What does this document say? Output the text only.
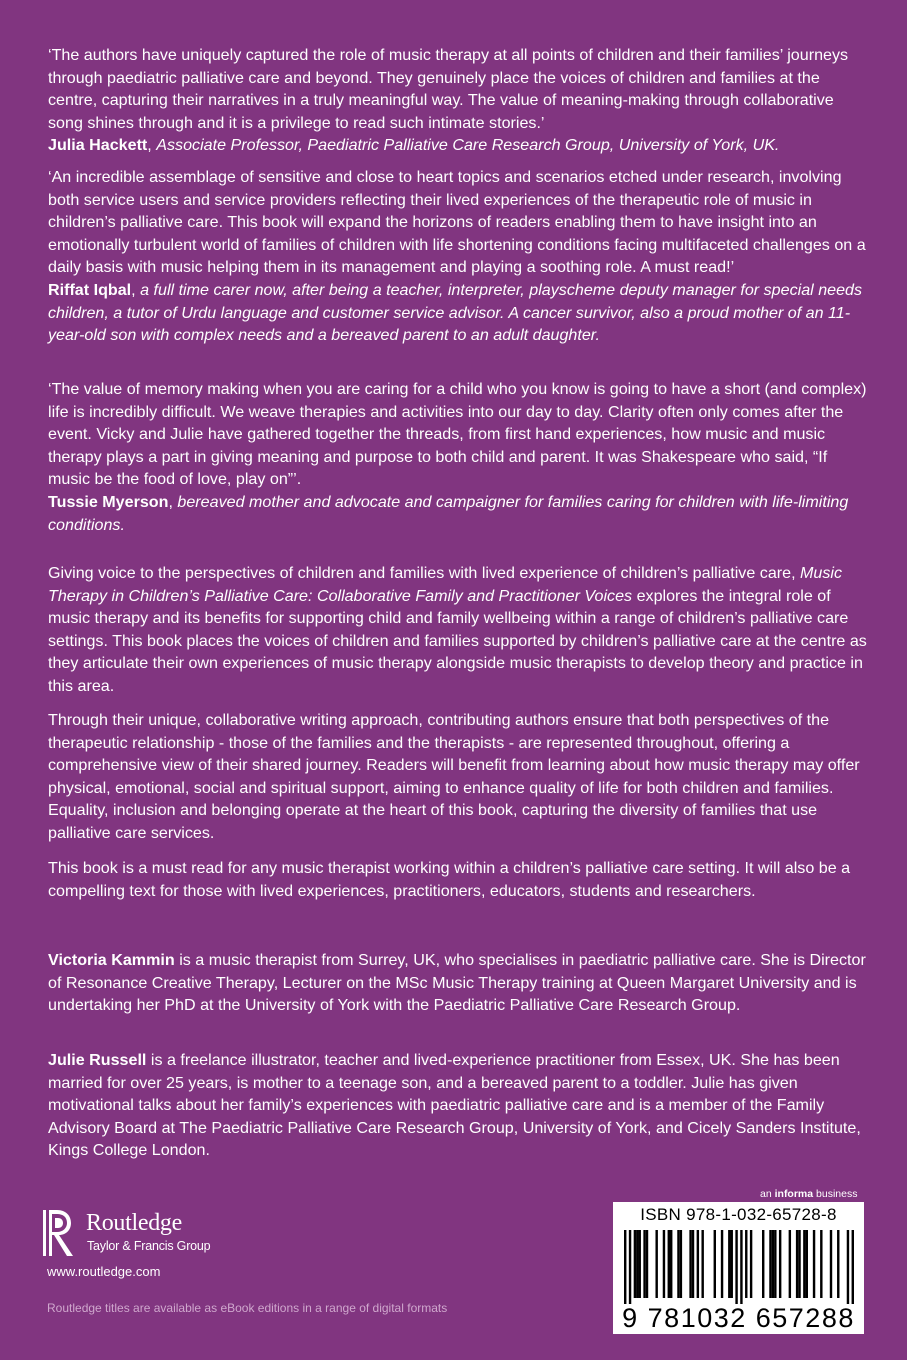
‘The authors have uniquely captured the role of music therapy at all points of children and their families’ journeys through paediatric palliative care and beyond. They genuinely place the voices of children and families at the centre, capturing their narratives in a truly meaningful way. The value of meaning-making through collaborative song shines through and it is a privilege to read such intimate stories.’
Julia Hackett, Associate Professor, Paediatric Palliative Care Research Group, University of York, UK.

‘An incredible assemblage of sensitive and close to heart topics and scenarios etched under research, involving both service users and service providers reflecting their lived experiences of the therapeutic role of music in children’s palliative care. This book will expand the horizons of readers enabling them to have insight into an emotionally turbulent world of families of children with life shortening conditions facing multifaceted challenges on a daily basis with music helping them in its management and playing a soothing role. A must read!’
Riffat Iqbal, a full time carer now, after being a teacher, interpreter, playscheme deputy manager for special needs children, a tutor of Urdu language and customer service advisor. A cancer survivor, also a proud mother of an 11-year-old son with complex needs and a bereaved parent to an adult daughter.

‘The value of memory making when you are caring for a child who you know is going to have a short (and complex) life is incredibly difficult. We weave therapies and activities into our day to day. Clarity often only comes after the event. Vicky and Julie have gathered together the threads, from first hand experiences, how music and music therapy plays a part in giving meaning and purpose to both child and parent. It was Shakespeare who said, “If music be the food of love, play on”’.
Tussie Myerson, bereaved mother and advocate and campaigner for families caring for children with life-limiting conditions.

Giving voice to the perspectives of children and families with lived experience of children’s palliative care, Music Therapy in Children’s Palliative Care: Collaborative Family and Practitioner Voices explores the integral role of music therapy and its benefits for supporting child and family wellbeing within a range of children’s palliative care settings. This book places the voices of children and families supported by children’s palliative care at the centre as they articulate their own experiences of music therapy alongside music therapists to develop theory and practice in this area.

Through their unique, collaborative writing approach, contributing authors ensure that both perspectives of the therapeutic relationship - those of the families and the therapists - are represented throughout, offering a comprehensive view of their shared journey. Readers will benefit from learning about how music therapy may offer physical, emotional, social and spiritual support, aiming to enhance quality of life for both children and families. Equality, inclusion and belonging operate at the heart of this book, capturing the diversity of families that use palliative care services.

This book is a must read for any music therapist working within a children’s palliative care setting. It will also be a compelling text for those with lived experiences, practitioners, educators, students and researchers.

Victoria Kammin is a music therapist from Surrey, UK, who specialises in paediatric palliative care. She is Director of Resonance Creative Therapy, Lecturer on the MSc Music Therapy training at Queen Margaret University and is undertaking her PhD at the University of York with the Paediatric Palliative Care Research Group.

Julie Russell is a freelance illustrator, teacher and lived-experience practitioner from Essex, UK. She has been married for over 25 years, is mother to a teenage son, and a bereaved parent to a toddler. Julie has given motivational talks about her family’s experiences with paediatric palliative care and is a member of the Family Advisory Board at The Paediatric Palliative Care Research Group, University of York, and Cicely Sanders Institute, Kings College London.

Routledge
Taylor & Francis Group
www.routledge.com
Routledge titles are available as eBook editions in a range of digital formats
an informa business
ISBN 978-1-032-65728-8
9 781032 657288
